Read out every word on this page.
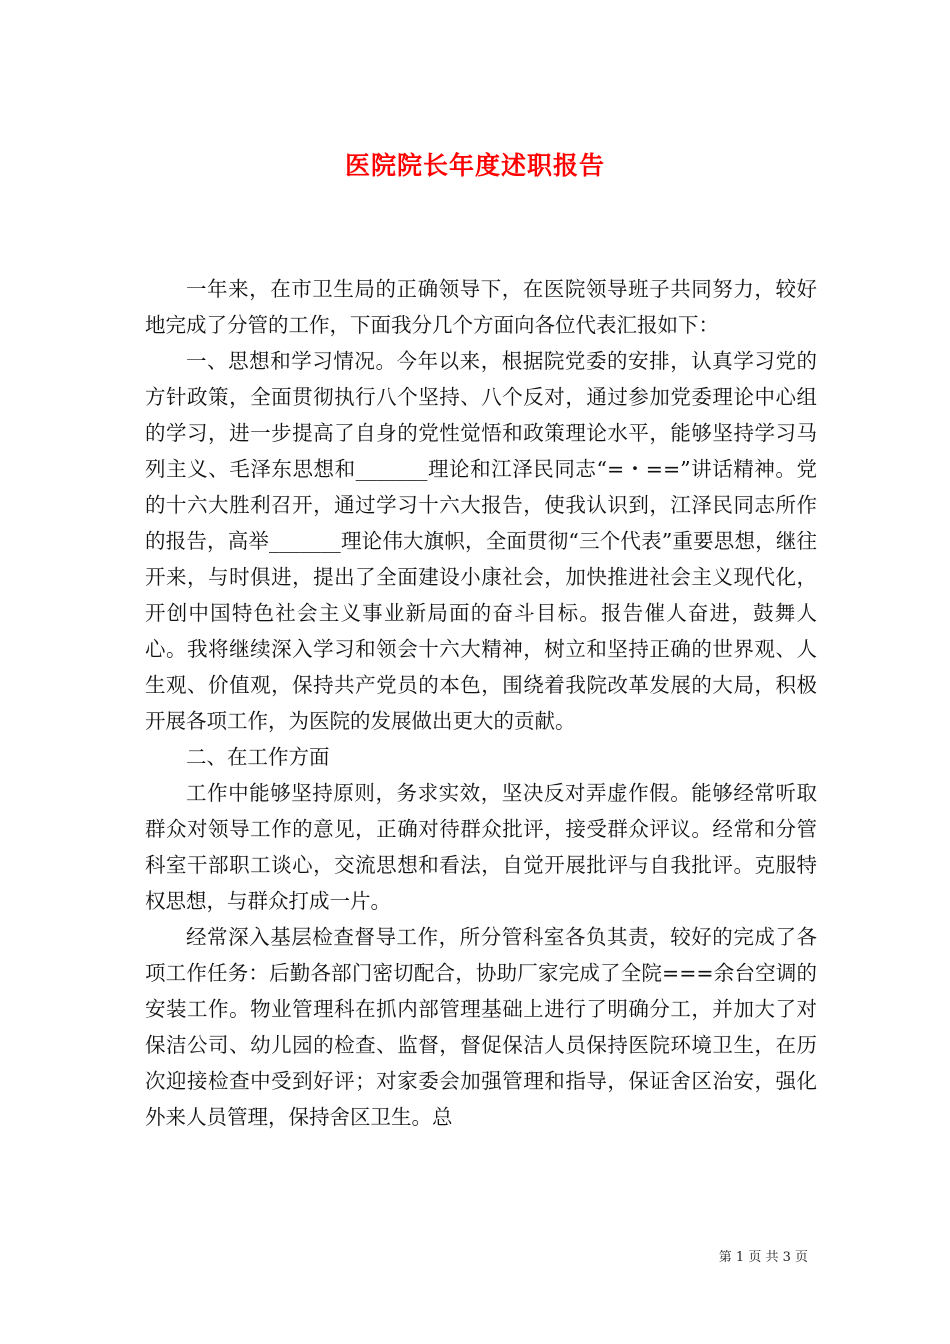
医院院长年度述职报告

一年来，在市卫生局的正确领导下，在医院领导班子共同努力，较好地完成了分管的工作，下面我分几个方面向各位代表汇报如下：

一、思想和学习情况。今年以来，根据院党委的安排，认真学习党的方针政策，全面贯彻执行八个坚持、八个反对，通过参加党委理论中心组的学习，进一步提高了自身的党性觉悟和政策理论水平，能够坚持学习马列主义、毛泽东思想和_______理论和江泽民同志“=・==”讲话精神。党的十六大胜利召开，通过学习十六大报告，使我认识到，江泽民同志所作的报告，高举_______理论伟大旗帜，全面贯彻“三个代表”重要思想，继往开来，与时俱进，提出了全面建设小康社会，加快推进社会主义现代化，开创中国特色社会主义事业新局面的奋斗目标。报告催人奋进，鼓舞人心。我将继续深入学习和领会十六大精神，树立和坚持正确的世界观、人生观、价值观，保持共产党员的本色，围绕着我院改革发展的大局，积极开展各项工作，为医院的发展做出更大的贡献。

二、在工作方面

工作中能够坚持原则，务求实效，坚决反对弄虚作假。能够经常听取群众对领导工作的意见，正确对待群众批评，接受群众评议。经常和分管科室干部职工谈心，交流思想和看法，自觉开展批评与自我批评。克服特权思想，与群众打成一片。

经常深入基层检查督导工作，所分管科室各负其责，较好的完成了各项工作任务：后勤各部门密切配合，协助厂家完成了全院===余台空调的安装工作。物业管理科在抓内部管理基础上进行了明确分工，并加大了对保洁公司、幼儿园的检查、监督，督促保洁人员保持医院环境卫生，在历次迎接检查中受到好评；对家委会加强管理和指导，保证舍区治安，强化外来人员管理，保持舍区卫生。总

第 1 页 共 3 页
